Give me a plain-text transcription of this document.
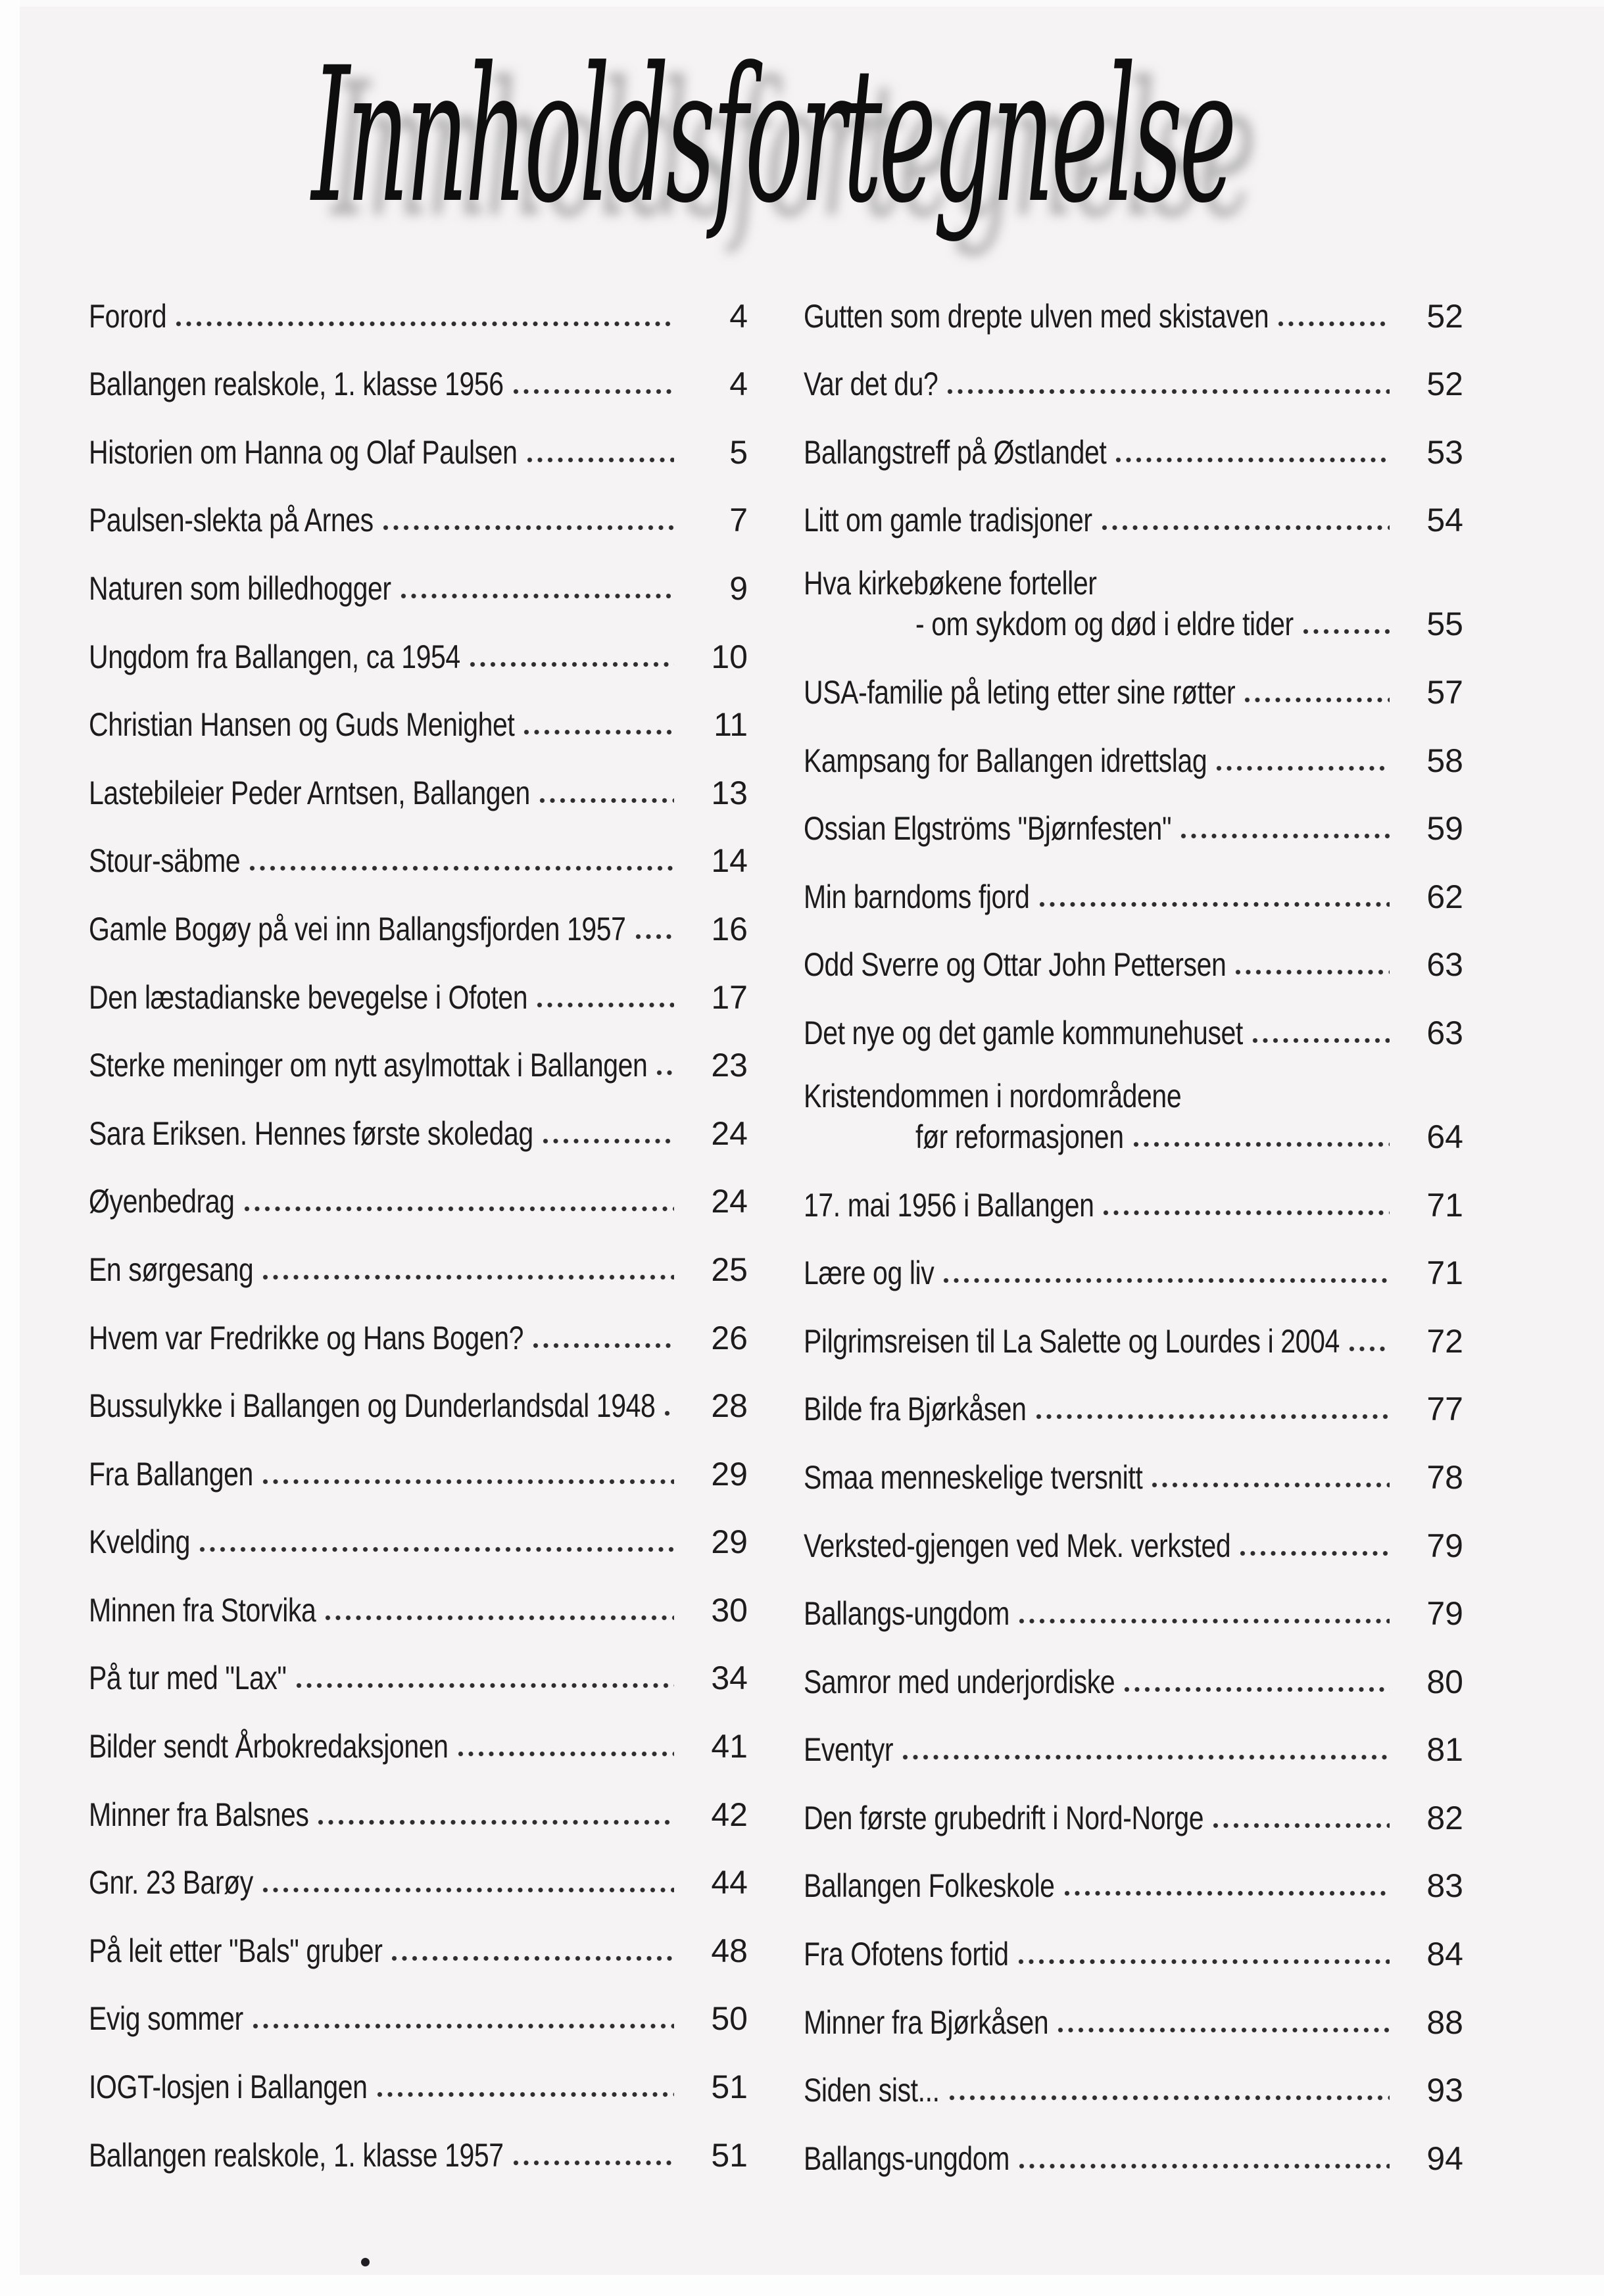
Innholdsfortegnelse
Forord	4
Ballangen realskole, 1. klasse 1956	4
Historien om Hanna og Olaf Paulsen	5
Paulsen-slekta på Arnes	7
Naturen som billedhogger	9
Ungdom fra Ballangen, ca 1954	10
Christian Hansen og Guds Menighet	11
Lastebileier Peder Arntsen, Ballangen	13
Stour-säbme	14
Gamle Bogøy på vei inn Ballangsfjorden 1957	16
Den læstadianske bevegelse i Ofoten	17
Sterke meninger om nytt asylmottak i Ballangen	23
Sara Eriksen. Hennes første skoledag	24
Øyenbedrag	24
En sørgesang	25
Hvem var Fredrikke og Hans Bogen?	26
Bussulykke i Ballangen og Dunderlandsdal 1948	28
Fra Ballangen	29
Kvelding	29
Minnen fra Storvika	30
På tur med "Lax"	34
Bilder sendt Årbokredaksjonen	41
Minner fra Balsnes	42
Gnr. 23 Barøy	44
På leit etter "Bals" gruber	48
Evig sommer	50
IOGT-losjen i Ballangen	51
Ballangen realskole, 1. klasse 1957	51
Gutten som drepte ulven med skistaven	52
Var det du?	52
Ballangstreff på Østlandet	53
Litt om gamle tradisjoner	54
Hva kirkebøkene forteller
- om sykdom og død i eldre tider	55
USA-familie på leting etter sine røtter	57
Kampsang for Ballangen idrettslag	58
Ossian Elgströms "Bjørnfesten"	59
Min barndoms fjord	62
Odd Sverre og Ottar John Pettersen	63
Det nye og det gamle kommunehuset	63
Kristendommen i nordområdene
før reformasjonen	64
17. mai 1956 i Ballangen	71
Lære og liv	71
Pilgrimsreisen til La Salette og Lourdes i 2004	72
Bilde fra Bjørkåsen	77
Smaa menneskelige tversnitt	78
Verksted-gjengen ved Mek. verksted	79
Ballangs-ungdom	79
Samror med underjordiske	80
Eventyr	81
Den første grubedrift i Nord-Norge	82
Ballangen Folkeskole	83
Fra Ofotens fortid	84
Minner fra Bjørkåsen	88
Siden sist...	93
Ballangs-ungdom	94
